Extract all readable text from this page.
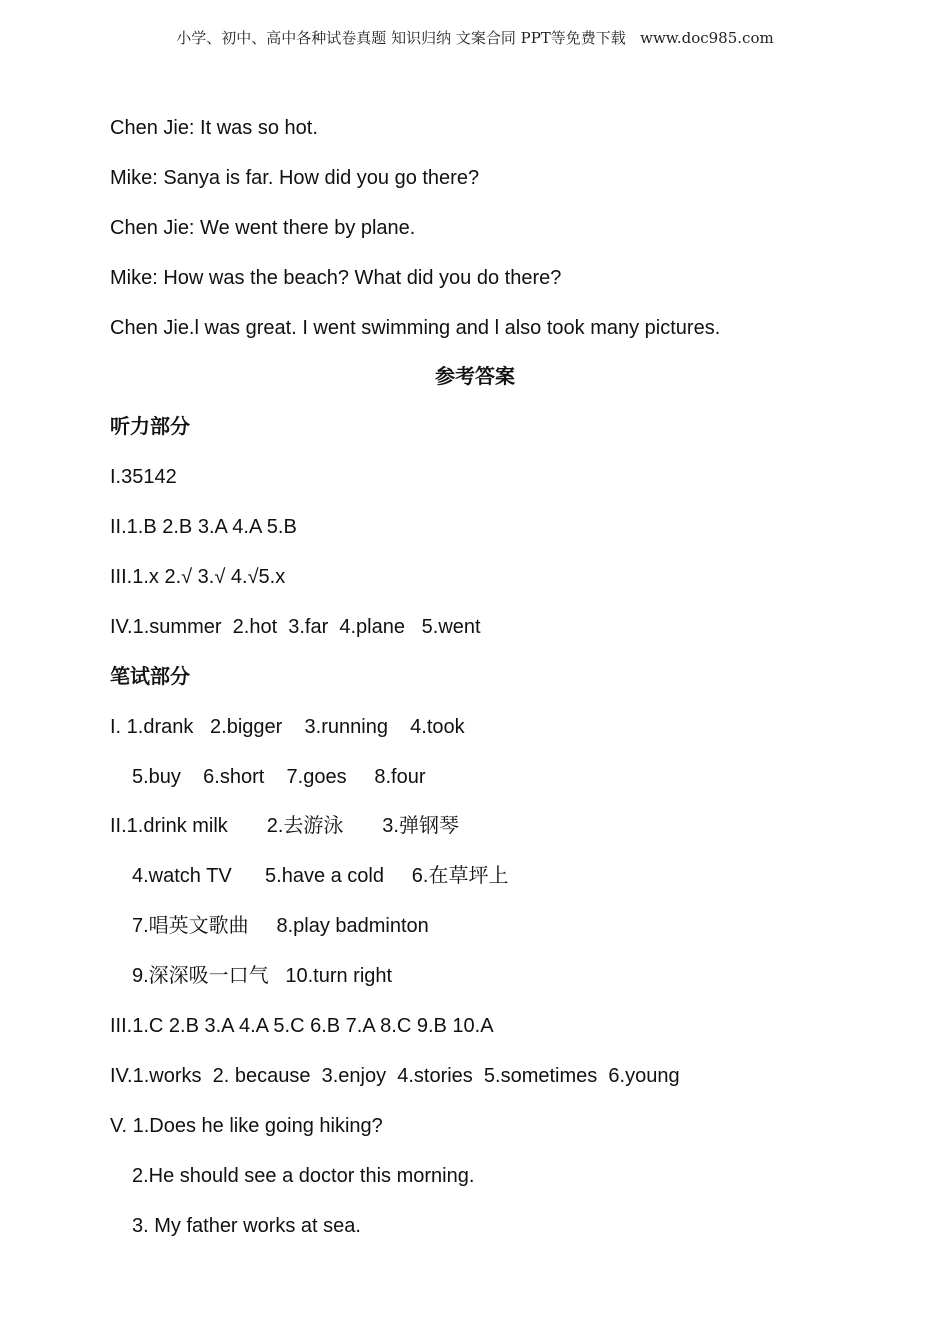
小学、初中、高中各种试卷真题 知识归纳 文案合同 PPT等免费下载   www.doc985.com
Chen Jie: It was so hot.
Mike: Sanya is far. How did you go there?
Chen Jie: We went there by plane.
Mike: How was the beach? What did you do there?
Chen Jie.l was great. I went swimming and l also took many pictures.
参考答案
听力部分
I.35142
II.1.B 2.B 3.A 4.A 5.B
III.1.x 2.√ 3.√ 4.√5.x
IV.1.summer  2.hot  3.far  4.plane   5.went
笔试部分
I. 1.drank   2.bigger    3.running    4.took
5.buy    6.short    7.goes     8.four
II.1.drink milk       2.去游泳       3.弹钢琴
4.watch TV      5.have a cold     6.在草坪上
7.唱英文歌曲     8.play badminton
9.深深吸一口气   10.turn right
III.1.C 2.B 3.A 4.A 5.C 6.B 7.A 8.C 9.B 10.A
IV.1.works  2. because  3.enjoy  4.stories  5.sometimes  6.young
V. 1.Does he like going hiking?
2.He should see a doctor this morning.
3. My father works at sea.
